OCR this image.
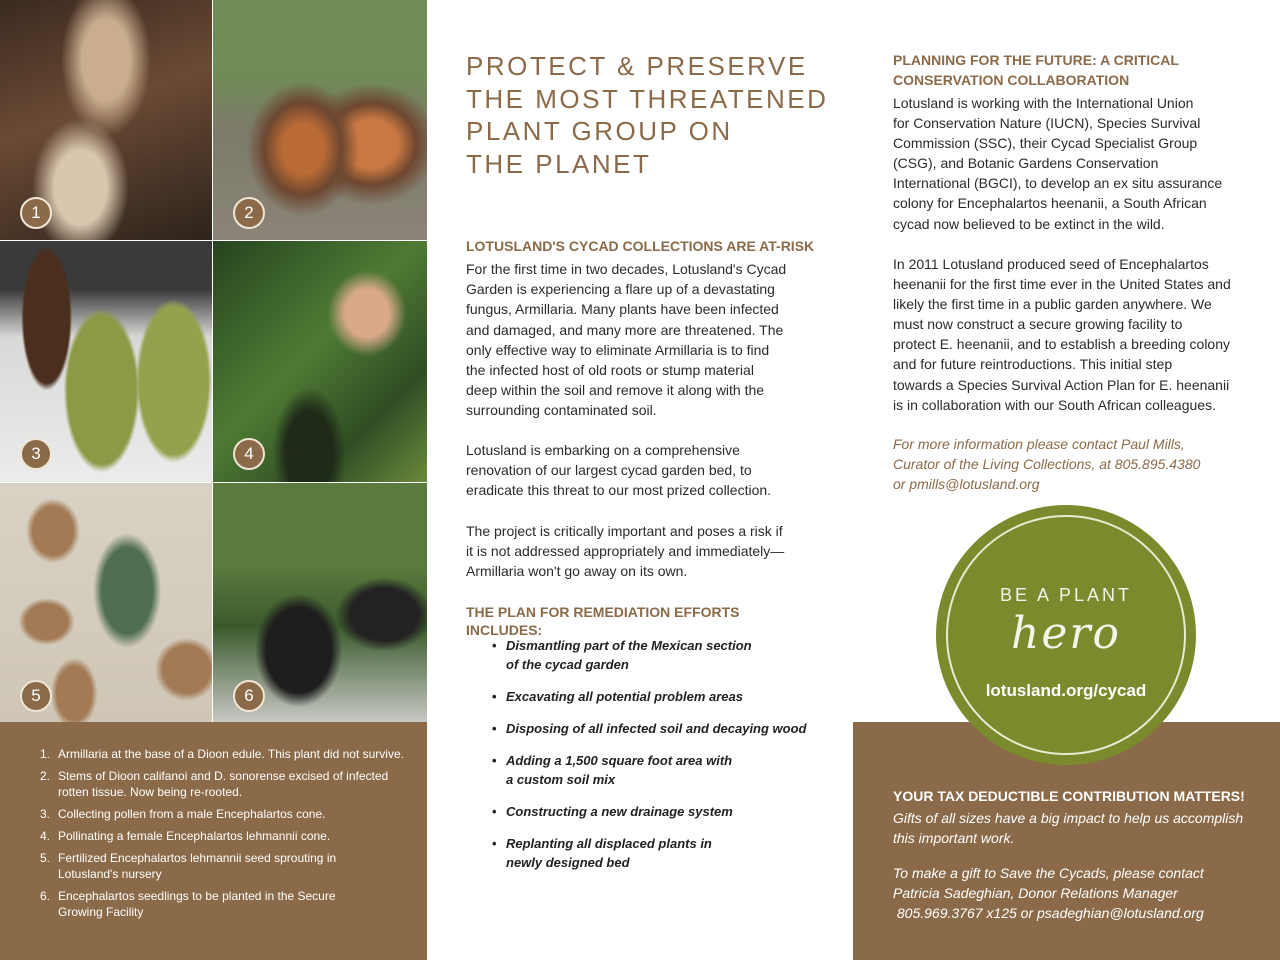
1	2
3	4
5	6
1. Armillaria at the base of a Dioon edule. This plant did not survive.
2. Stems of Dioon califanoi and D. sonorense excised of infected
rotten tissue. Now being re-rooted.
3. Collecting pollen from a male Encephalartos cone.
4. Pollinating a female Encephalartos lehmannii cone.
5. Fertilized Encephalartos lehmannii seed sprouting in
Lotusland's nursery
6. Encephalartos seedlings to be planted in the Secure
Growing Facility
PROTECT & PRESERVE
THE MOST THREATENED
PLANT GROUP ON
THE PLANET
LOTUSLAND'S CYCAD COLLECTIONS ARE AT-RISK
For the first time in two decades, Lotusland's Cycad
Garden is experiencing a flare up of a devastating
fungus, Armillaria. Many plants have been infected
and damaged, and many more are threatened. The
only effective way to eliminate Armillaria is to find
the infected host of old roots or stump material
deep within the soil and remove it along with the
surrounding contaminated soil.
Lotusland is embarking on a comprehensive
renovation of our largest cycad garden bed, to
eradicate this threat to our most prized collection.
The project is critically important and poses a risk if
it is not addressed appropriately and immediately—
Armillaria won't go away on its own.
THE PLAN FOR REMEDIATION EFFORTS INCLUDES:
• Dismantling part of the Mexican section
of the cycad garden
• Excavating all potential problem areas
• Disposing of all infected soil and decaying wood
• Adding a 1,500 square foot area with
a custom soil mix
• Constructing a new drainage system
• Replanting all displaced plants in
newly designed bed
PLANNING FOR THE FUTURE: A CRITICAL
CONSERVATION COLLABORATION
Lotusland is working with the International Union
for Conservation Nature (IUCN), Species Survival
Commission (SSC), their Cycad Specialist Group
(CSG), and Botanic Gardens Conservation
International (BGCI), to develop an ex situ assurance
colony for Encephalartos heenanii, a South African
cycad now believed to be extinct in the wild.
In 2011 Lotusland produced seed of Encephalartos
heenanii for the first time ever in the United States and
likely the first time in a public garden anywhere. We
must now construct a secure growing facility to
protect E. heenanii, and to establish a breeding colony
and for future reintroductions. This initial step
towards a Species Survival Action Plan for E. heenanii
is in collaboration with our South African colleagues.
For more information please contact Paul Mills,
Curator of the Living Collections, at 805.895.4380
or pmills@lotusland.org
BE A PLANT
hero
lotusland.org/cycad
YOUR TAX DEDUCTIBLE CONTRIBUTION MATTERS!
Gifts of all sizes have a big impact to help us accomplish
this important work.
To make a gift to Save the Cycads, please contact
Patricia Sadeghian, Donor Relations Manager
805.969.3767 x125 or psadeghian@lotusland.org
